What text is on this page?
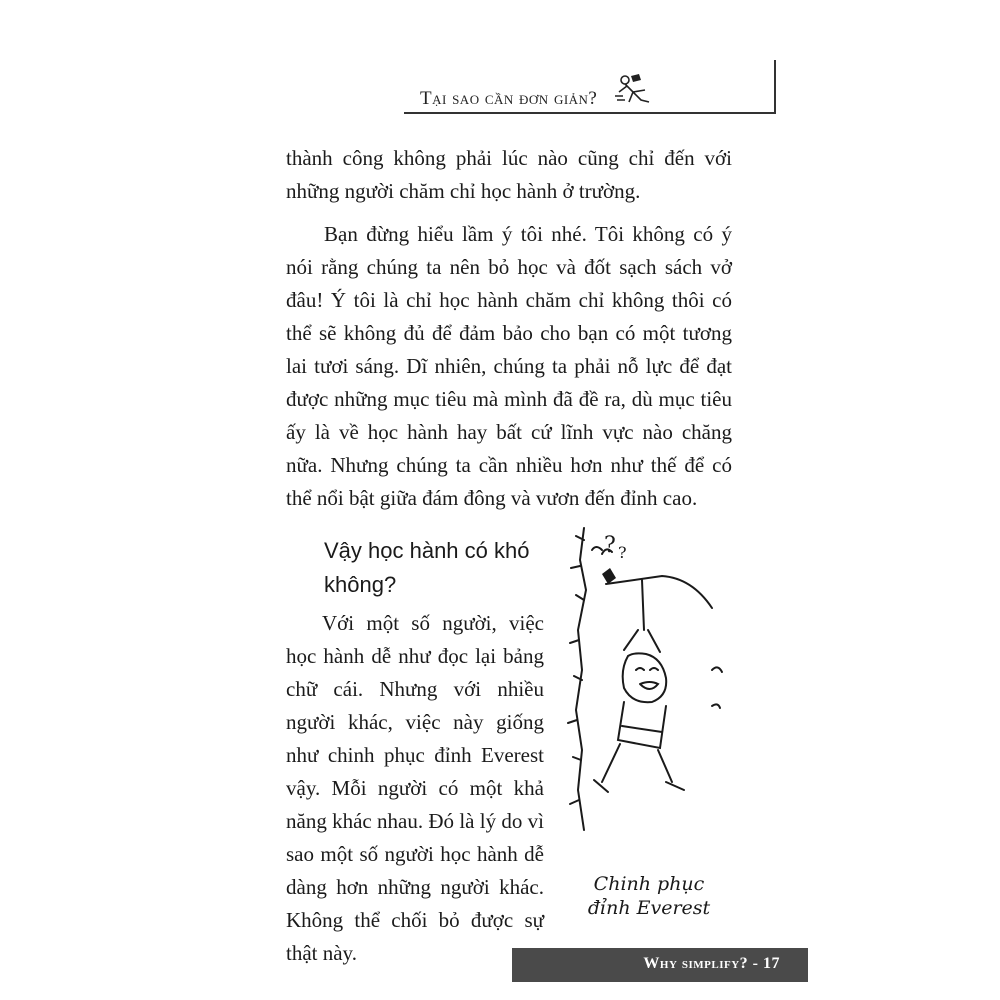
Tại sao cần đơn giản?
thành công không phải lúc nào cũng chỉ đến với những người chăm chỉ học hành ở trường.
Bạn đừng hiểu lầm ý tôi nhé. Tôi không có ý nói rằng chúng ta nên bỏ học và đốt sạch sách vở đâu! Ý tôi là chỉ học hành chăm chỉ không thôi có thể sẽ không đủ để đảm bảo cho bạn có một tương lai tươi sáng. Dĩ nhiên, chúng ta phải nỗ lực để đạt được những mục tiêu mà mình đã đề ra, dù mục tiêu ấy là về học hành hay bất cứ lĩnh vực nào chăng nữa. Nhưng chúng ta cần nhiều hơn như thế để có thể nổi bật giữa đám đông và vươn đến đỉnh cao.
Vậy học hành có khó không?
Với một số người, việc học hành dễ như đọc lại bảng chữ cái. Nhưng với nhiều người khác, việc này giống như chinh phục đỉnh Everest vậy. Mỗi người có một khả năng khác nhau. Đó là lý do vì sao một số người học hành dễ dàng hơn những người khác. Không thể chối bỏ được sự thật này.
? ?
Chinh phục đỉnh Everest
Why simplify? - 17
